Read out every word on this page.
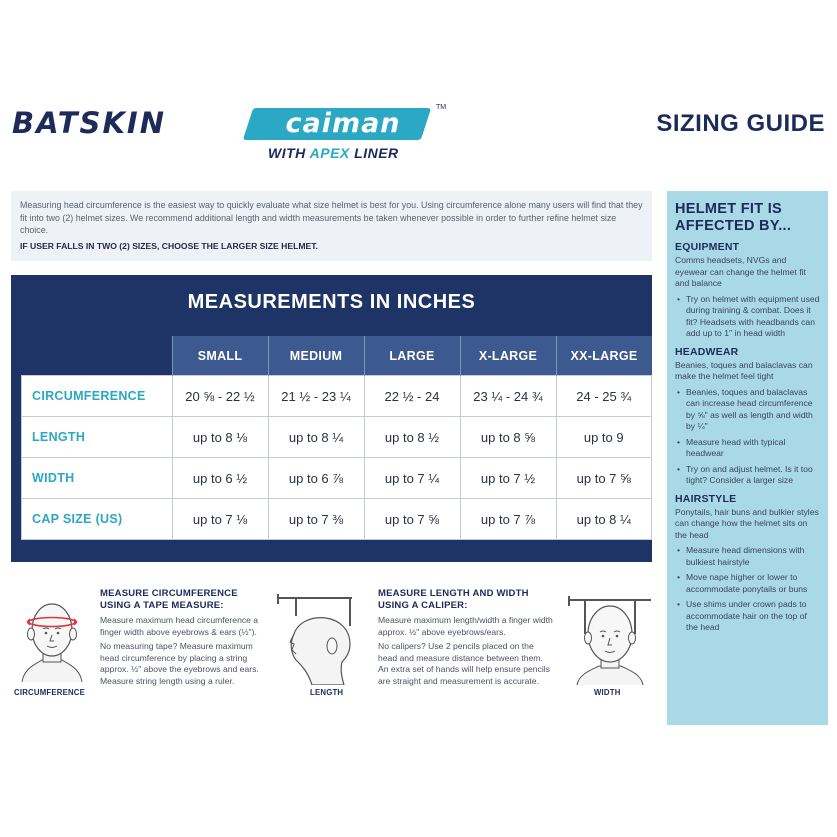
BATSKIN	caiman
TM
WITH APEX LINER
SIZING GUIDE

Measuring head circumference is the easiest way to quickly evaluate what size helmet is best for you. Using circumference alone many users will find that they fit into two (2) helmet sizes. We recommend additional length and width measurements be taken whenever possible in order to further refine helmet size choice.

IF USER FALLS IN TWO (2) SIZES, CHOOSE THE LARGER SIZE HELMET.

MEASUREMENTS IN INCHES
	SMALL	MEDIUM	LARGE	X-LARGE	XX-LARGE
CIRCUMFERENCE	20 ⅝ - 22 ½	21 ½ - 23 ¼	22 ½ - 24	23 ¼ - 24 ¾	24 - 25 ¾
LENGTH	up to 8 ⅛	up to 8 ¼	up to 8 ½	up to 8 ⅝	up to 9
WIDTH	up to 6 ½	up to 6 ⅞	up to 7 ¼	up to 7 ½	up to 7 ⅝
CAP SIZE (US)	up to 7 ⅛	up to 7 ⅜	up to 7 ⅝	up to 7 ⅞	up to 8 ¼
CIRCUMFERENCE
MEASURE CIRCUMFERENCE
USING A TAPE MEASURE:

Measure maximum head circumference a finger width above eyebrows & ears (½").

No measuring tape? Measure maximum head circumference by placing a string approx. ½" above the eyebrows and ears. Measure string length using a ruler.

LENGTH
MEASURE LENGTH AND WIDTH
USING A CALIPER:

Measure maximum length/width a finger width approx. ½" above eyebrows/ears.

No calipers? Use 2 pencils placed on the head and measure distance between them. An extra set of hands will help ensure pencils are straight and measurement is accurate.

WIDTH
HELMET FIT IS
AFFECTED BY...
EQUIPMENT
Comms headsets, NVGs and eyewear can change the helmet fit and balance
• Try on helmet with equipment used during training & combat. Does it fit? Headsets with headbands can add up to 1" in head width
HEADWEAR
Beanies, toques and balaclavas can make the helmet feel tight
• Beanies, toques and balaclavas can increase head circumference by ⅝" as well as length and width by ¼"
• Measure head with typical headwear
• Try on and adjust helmet. Is it too tight? Consider a larger size
HAIRSTYLE
Ponytails, hair buns and bulkier styles can change how the helmet sits on the head
• Measure head dimensions with bulkiest hairstyle
• Move nape higher or lower to accommodate ponytails or buns
• Use shims under crown pads to accommodate hair on the top of the head
